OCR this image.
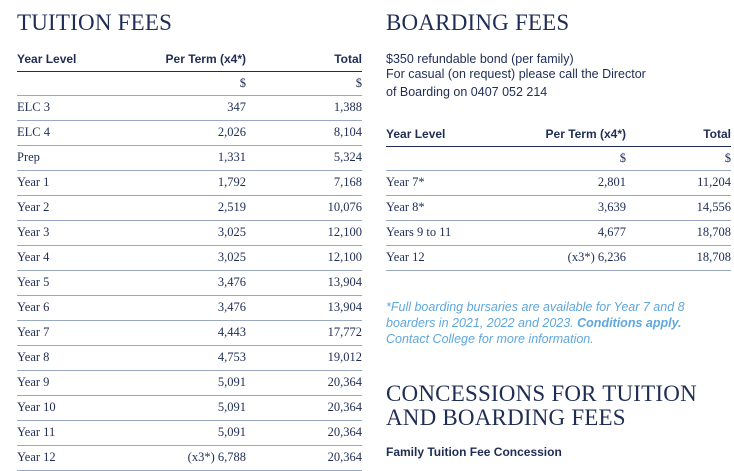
TUITION FEES
Year Level	Per Term (x4*)	Total
	$	$
ELC 3	347	1,388
ELC 4	2,026	8,104
Prep	1,331	5,324
Year 1	1,792	7,168
Year 2	2,519	10,076
Year 3	3,025	12,100
Year 4	3,025	12,100
Year 5	3,476	13,904
Year 6	3,476	13,904
Year 7	4,443	17,772
Year 8	4,753	19,012
Year 9	5,091	20,364
Year 10	5,091	20,364
Year 11	5,091	20,364
Year 12	(x3*) 6,788	20,364
BOARDING FEES

$350 refundable bond (per family)

For casual (on request) please call the Director

of Boarding on 0407 052 214

Year Level	Per Term (x4*)	Total
	$	$
Year 7*	2,801	11,204
Year 8*	3,639	14,556
Years 9 to 11	4,677	18,708
Year 12	(x3*) 6,236	18,708

*Full boarding bursaries are available for Year 7 and 8

boarders in 2021, 2022 and 2023. Conditions apply.

Contact College for more information.

CONCESSIONS FOR TUITION
AND BOARDING FEES
Family Tuition Fee Concession
